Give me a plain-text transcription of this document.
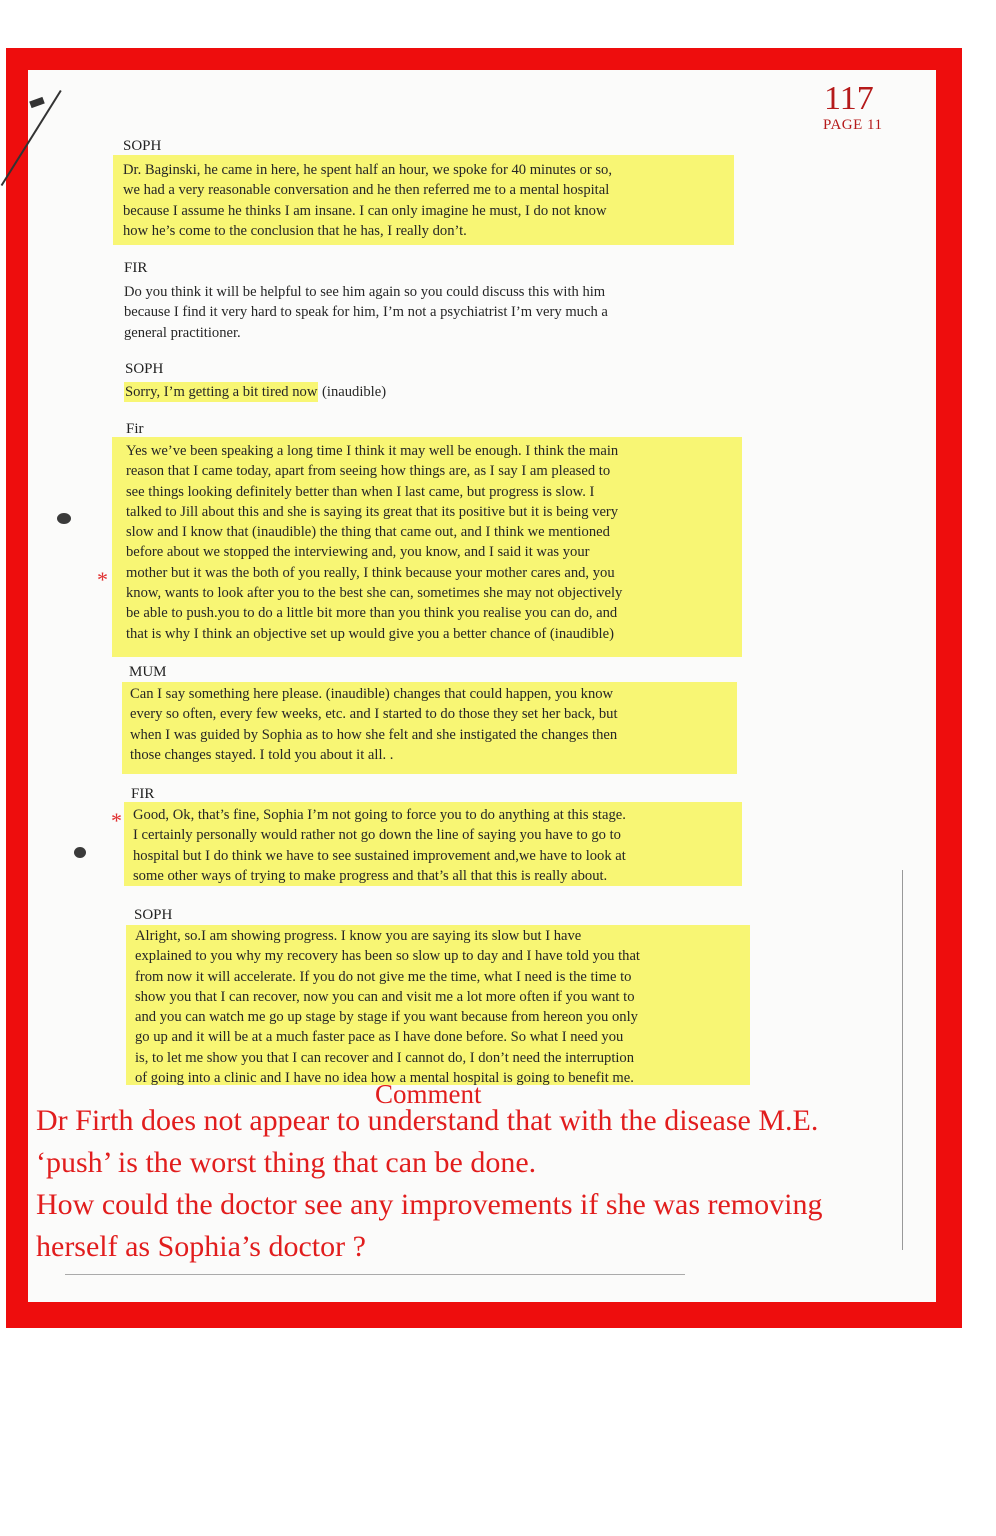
117
PAGE 11
SOPH
Dr. Baginski, he came in here, he spent half an hour, we spoke for 40 minutes or so,
we had a very reasonable conversation and he then referred me to a mental hospital
because I assume he thinks I am insane. I can only imagine he must, I do not know
how he’s come to the conclusion that he has, I really don’t.
FIR
Do you think it will be helpful to see him again so you could discuss this with him
because I find it very hard to speak for him, I’m not a psychiatrist I’m very much a
general practitioner.
SOPH
Sorry, I’m getting a bit tired now (inaudible)
Fir
Yes we’ve been speaking a long time I think it may well be enough. I think the main
reason that I came today, apart from seeing how things are, as I say I am pleased to
see things looking definitely better than when I last came, but progress is slow. I
talked to Jill about this and she is saying its great that its positive but it is being very
slow and I know that (inaudible) the thing that came out, and I think we mentioned
before about we stopped the interviewing and, you know, and I said it was your
mother but it was the both of you really, I think because your mother cares and, you
know, wants to look after you to the best she can, sometimes she may not objectively
be able to push.you to do a little bit more than you think you realise you can do, and
that is why I think an objective set up would give you a better chance of (inaudible)
*
MUM
Can I say something here please. (inaudible) changes that could happen, you know
every so often, every few weeks, etc. and I started to do those they set her back, but
when I was guided by Sophia as to how she felt and she instigated the changes then
those changes stayed. I told you about it all. .
FIR
Good, Ok, that’s fine, Sophia I’m not going to force you to do anything at this stage.
I certainly personally would rather not go down the line of saying you have to go to
hospital but I do think we have to see sustained improvement and,we have to look at
some other ways of trying to make progress and that’s all that this is really about.
*
SOPH
Alright, so.I am showing progress. I know you are saying its slow but I have
explained to you why my recovery has been so slow up to day and I have told you that
from now it will accelerate. If you do not give me the time, what I need is the time to
show you that I can recover, now you can and visit me a lot more often if you want to
and you can watch me go up stage by stage if you want because from hereon you only
go up and it will be at a much faster pace as I have done before. So what I need you
is, to let me show you that I can recover and I cannot do, I don’t need the interruption
of going into a clinic and I have no idea how a mental hospital is going to benefit me.
Comment
Dr Firth does not appear to understand that with the disease M.E.
‘push’ is the worst thing that can be done.
How could the doctor see any improvements if she was removing
herself as Sophia’s doctor ?
